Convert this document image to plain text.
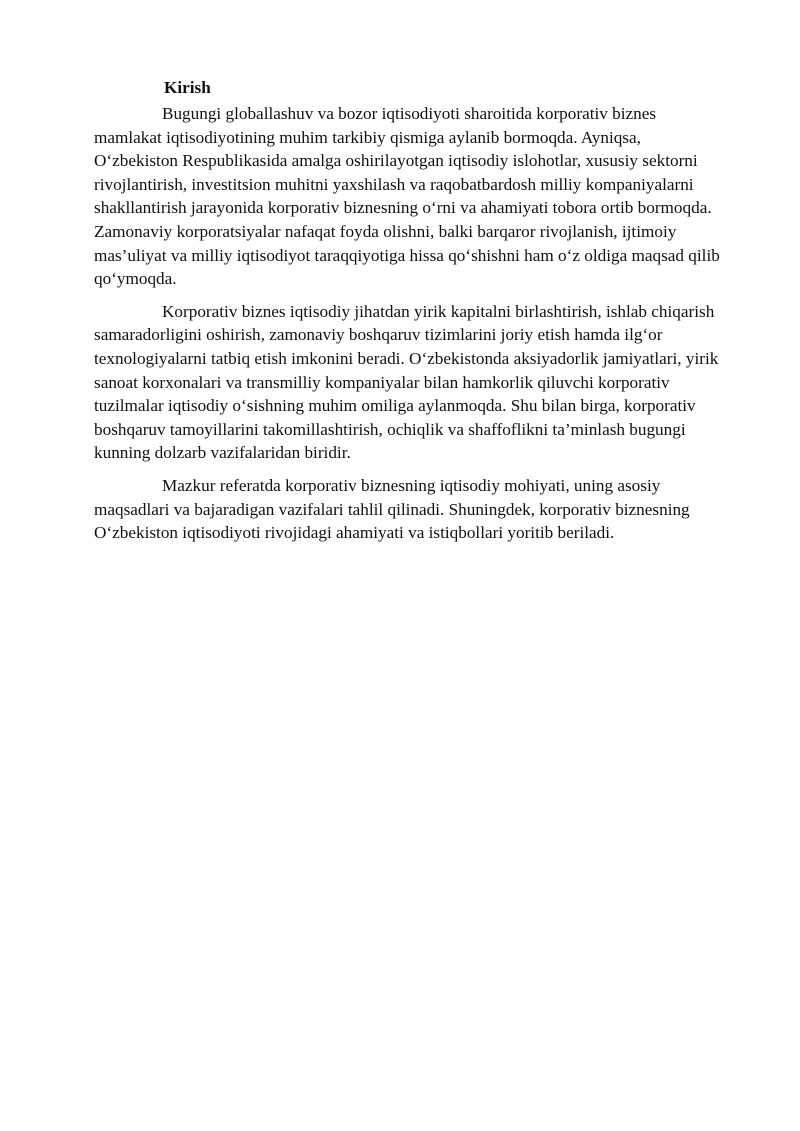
Kirish

Bugungi globallashuv va bozor iqtisodiyoti sharoitida korporativ biznes mamlakat iqtisodiyotining muhim tarkibiy qismiga aylanib bormoqda. Ayniqsa, O‘zbekiston Respublikasida amalga oshirilayotgan iqtisodiy islohotlar, xususiy sektorni rivojlantirish, investitsion muhitni yaxshilash va raqobatbardosh milliy kompaniyalarni shakllantirish jarayonida korporativ biznesning o‘rni va ahamiyati tobora ortib bormoqda. Zamonaviy korporatsiyalar nafaqat foyda olishni, balki barqaror rivojlanish, ijtimoiy mas’uliyat va milliy iqtisodiyot taraqqiyotiga hissa qo‘shishni ham o‘z oldiga maqsad qilib qo‘ymoqda.

Korporativ biznes iqtisodiy jihatdan yirik kapitalni birlashtirish, ishlab chiqarish samaradorligini oshirish, zamonaviy boshqaruv tizimlarini joriy etish hamda ilg‘or texnologiyalarni tatbiq etish imkonini beradi. O‘zbekistonda aksiyadorlik jamiyatlari, yirik sanoat korxonalari va transmilliy kompaniyalar bilan hamkorlik qiluvchi korporativ tuzilmalar iqtisodiy o‘sishning muhim omiliga aylanmoqda. Shu bilan birga, korporativ boshqaruv tamoyillarini takomillashtirish, ochiqlik va shaffoflikni ta’minlash bugungi kunning dolzarb vazifalaridan biridir.

Mazkur referatda korporativ biznesning iqtisodiy mohiyati, uning asosiy maqsadlari va bajaradigan vazifalari tahlil qilinadi. Shuningdek, korporativ biznesning O‘zbekiston iqtisodiyoti rivojidagi ahamiyati va istiqbollari yoritib beriladi.
